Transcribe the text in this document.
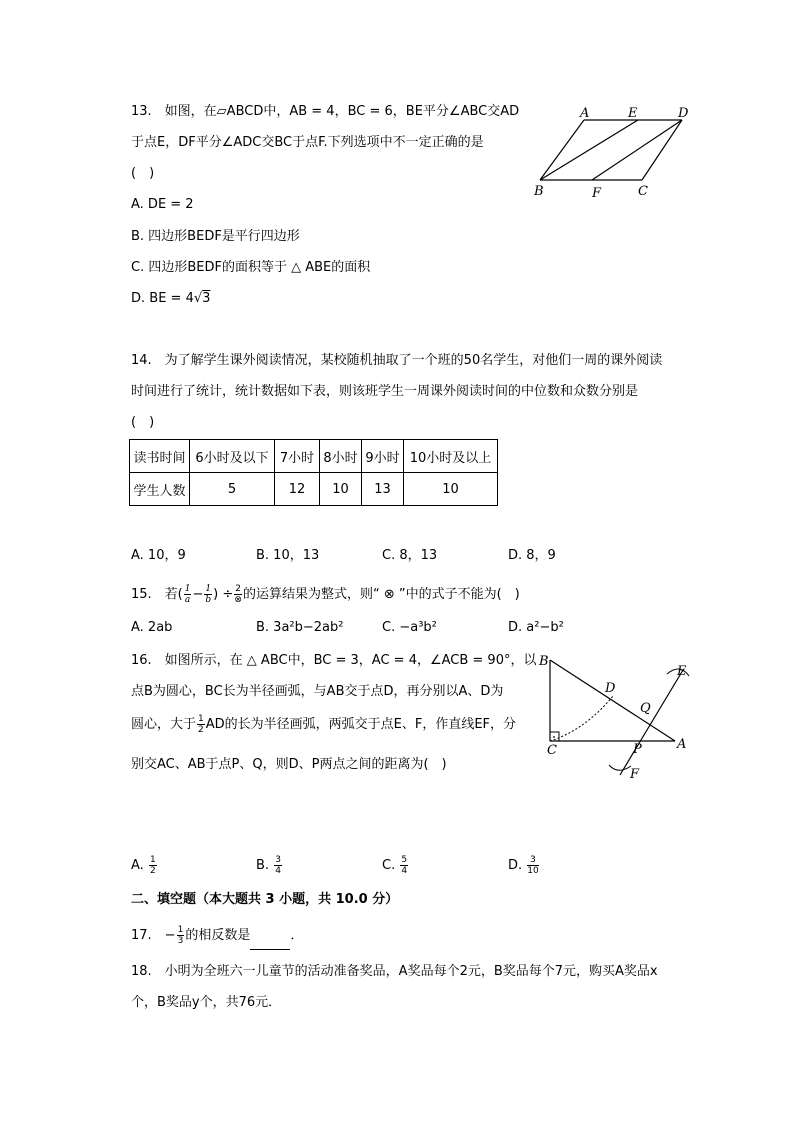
13.　如图，在▱ABCD中，AB = 4，BC = 6，BE平分∠ABC交AD
于点E，DF平分∠ADC交BC于点F.下列选项中不一定正确的是
(　)
A. DE = 2
B. 四边形BEDF是平行四边形
C. 四边形BEDF的面积等于 △ ABE的面积
D. BE = 4√3
A	E	D
B	F	C
14.　为了解学生课外阅读情况，某校随机抽取了一个班的50名学生，对他们一周的课外阅读
时间进行了统计，统计数据如下表，则该班学生一周课外阅读时间的中位数和众数分别是
(　)
读书时间	6小时及以下	7小时	8小时	9小时	10小时及以上
学生人数	5	12	10	13	10
A. 10，9	B. 10，13	C. 8，13	D. 8，9
15.　若( $\frac{1}{a} - \frac{1}{b}$ ) ÷ $\frac{2}{\otimes}$ 的运算结果为整式，则“ ⊗ ”中的式子不能为(　)
A. 2ab	B. 3a²b−2ab²	C. −a³b²	D. a²−b²
16.　如图所示，在 △ ABC中，BC = 3，AC = 4，∠ACB = 90°，以
点B为圆心，BC长为半径画弧，与AB交于点D，再分别以A、D为
圆心，大于 $\frac{1}{2}$ AD的长为半径画弧，两弧交于点E、F，作直线EF，分
别交AC、AB于点P、Q，则D、P两点之间的距离为(　)
B
D
E
Q
C	P	A
F
A. $\frac{1}{2}$	B. $\frac{3}{4}$	C. $\frac{5}{4}$	D. $\frac{3}{10}$
二、填空题（本大题共 3 小题，共 10.0 分）
17.　− $\frac{1}{3}$ 的相反数是	．
18.　小明为全班六一儿童节的活动准备奖品，A奖品每个2元，B奖品每个7元，购买A奖品x
个，B奖品y个，共76元．
